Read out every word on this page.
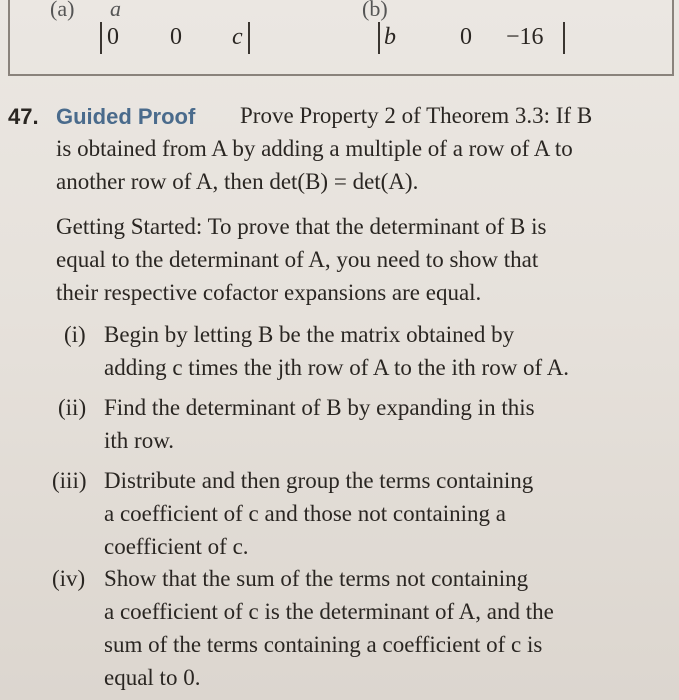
(a) a	(b)
0 0 c	b	0 −16
47. Guided Proof Prove Property 2 of Theorem 3.3: If B
is obtained from A by adding a multiple of a row of A to
another row of A, then det(B) = det(A).
Getting Started: To prove that the determinant of B is
equal to the determinant of A, you need to show that
their respective cofactor expansions are equal.
(i) Begin by letting B be the matrix obtained by
adding c times the jth row of A to the ith row of A.
(ii) Find the determinant of B by expanding in this
ith row.
(iii) Distribute and then group the terms containing
a coefficient of c and those not containing a
coefficient of c.
(iv) Show that the sum of the terms not containing
a coefficient of c is the determinant of A, and the
sum of the terms containing a coefficient of c is
equal to 0.
